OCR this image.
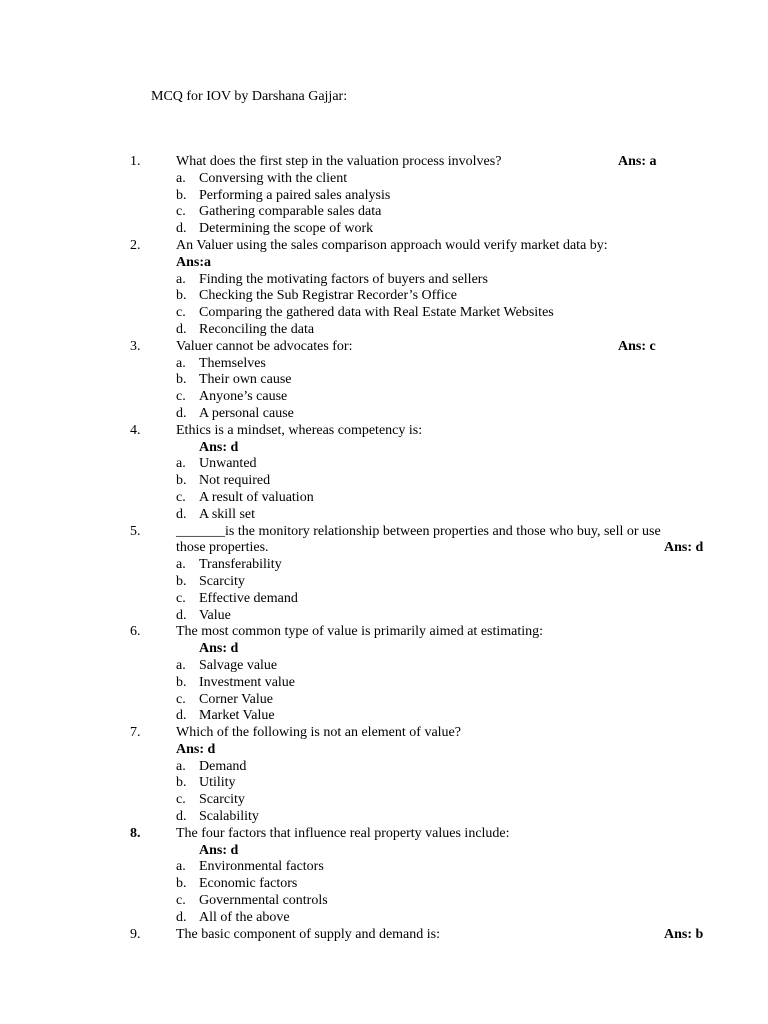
MCQ for IOV by Darshana Gajjar:
1.	What does the first step in the valuation process involves?	Ans: a
a. Conversing with the client
b. Performing a paired sales analysis
c. Gathering comparable sales data
d. Determining the scope of work
2.	An Valuer using the sales comparison approach would verify market data by:
Ans:a
a. Finding the motivating factors of buyers and sellers
b. Checking the Sub Registrar Recorder’s Office
c. Comparing the gathered data with Real Estate Market Websites
d. Reconciling the data
3.	Valuer cannot be advocates for:	Ans: c
a. Themselves
b. Their own cause
c. Anyone’s cause
d. A personal cause
4.	Ethics is a mindset, whereas competency is:
Ans: d
a. Unwanted
b. Not required
c. A result of valuation
d. A skill set
5.	_______is the monitory relationship between properties and those who buy, sell or use
those properties.	Ans: d
a. Transferability
b. Scarcity
c. Effective demand
d. Value
6.	The most common type of value is primarily aimed at estimating:
Ans: d
a. Salvage value
b. Investment value
c. Corner Value
d. Market Value
7.	Which of the following is not an element of value?
Ans: d
a. Demand
b. Utility
c. Scarcity
d. Scalability
8.	The four factors that influence real property values include:
Ans: d
a. Environmental factors
b. Economic factors
c. Governmental controls
d. All of the above
9.	The basic component of supply and demand is:	Ans: b
